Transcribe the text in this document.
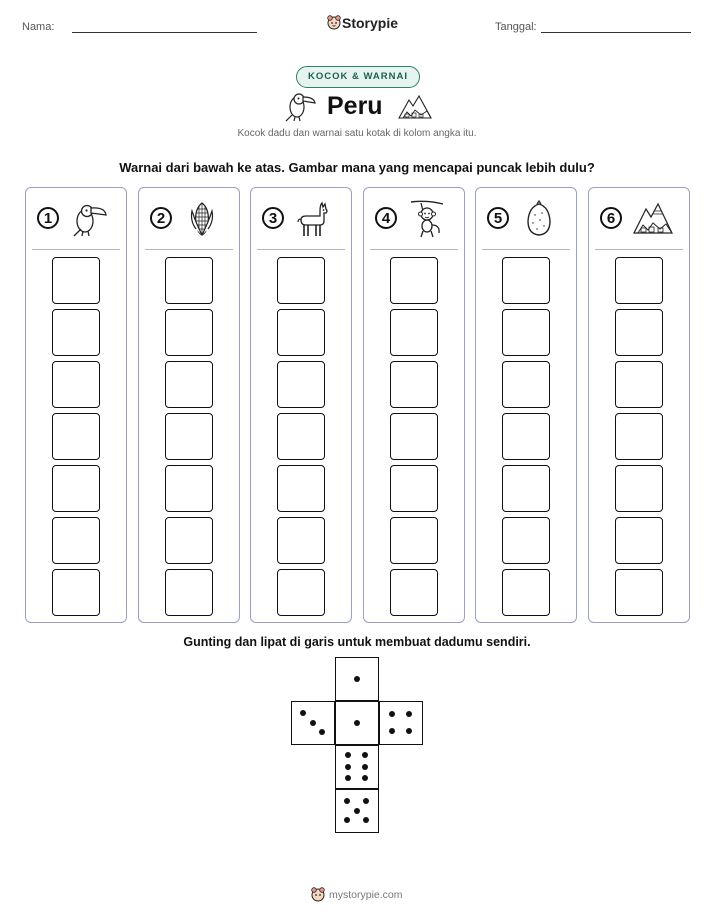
Nama:	Storypie	Tanggal:
KOCOK & WARNAI
Peru
Kocok dadu dan warnai satu kotak di kolom angka itu.
Warnai dari bawah ke atas. Gambar mana yang mencapai puncak lebih dulu?
1	2	3	4	5	6
Gunting dan lipat di garis untuk membuat dadumu sendiri.
mystorypie.com
